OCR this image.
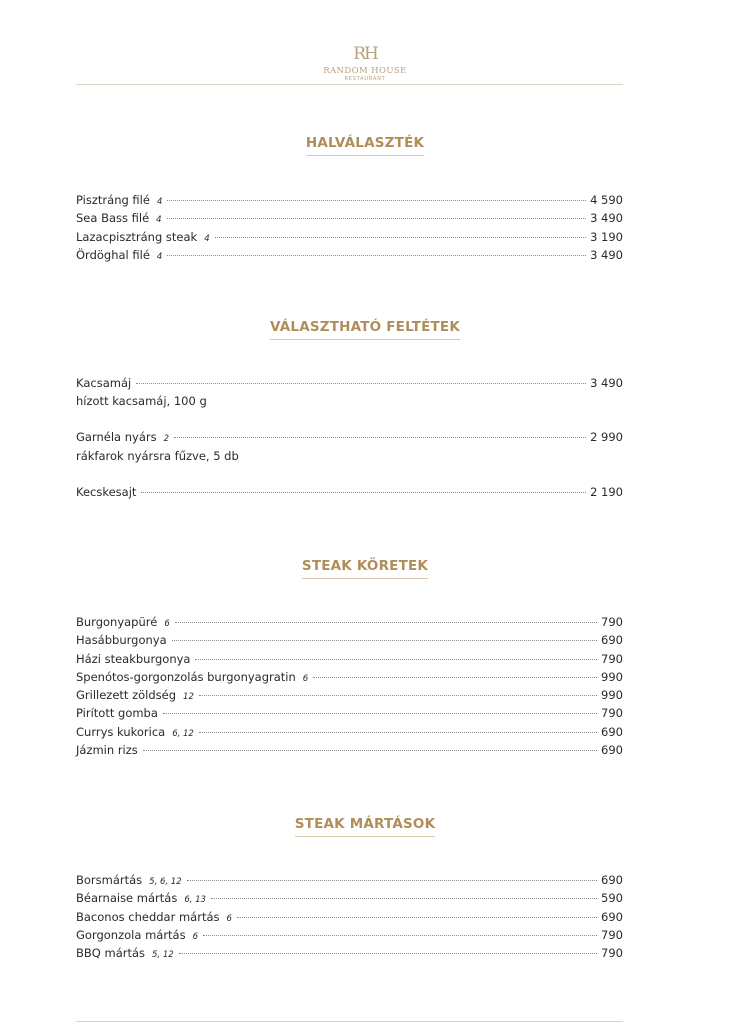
RH
RANDOM HOUSE
RESTAURANT
HALVÁLASZTÉK
Pisztráng filé 4	4 590
Sea Bass filé 4	3 490
Lazacpisztráng steak 4	3 190
Ördöghal filé 4	3 490
VÁLASZTHATÓ FELTÉTEK
Kacsamáj	3 490
hízott kacsamáj, 100 g
Garnéla nyárs 2	2 990
rákfarok nyársra fűzve, 5 db
Kecskesajt	2 190
STEAK KÖRETEK
Burgonyapüré 6	790
Hasábburgonya	690
Házi steakburgonya	790
Spenótos-gorgonzolás burgonyagratin 6	990
Grillezett zöldség 12	990
Pirított gomba	790
Currys kukorica 6, 12	690
Jázmin rizs	690
STEAK MÁRTÁSOK
Borsmártás 5, 6, 12	690
Béarnaise mártás 6, 13	590
Baconos cheddar mártás 6	690
Gorgonzola mártás 6	790
BBQ mártás 5, 12	790
